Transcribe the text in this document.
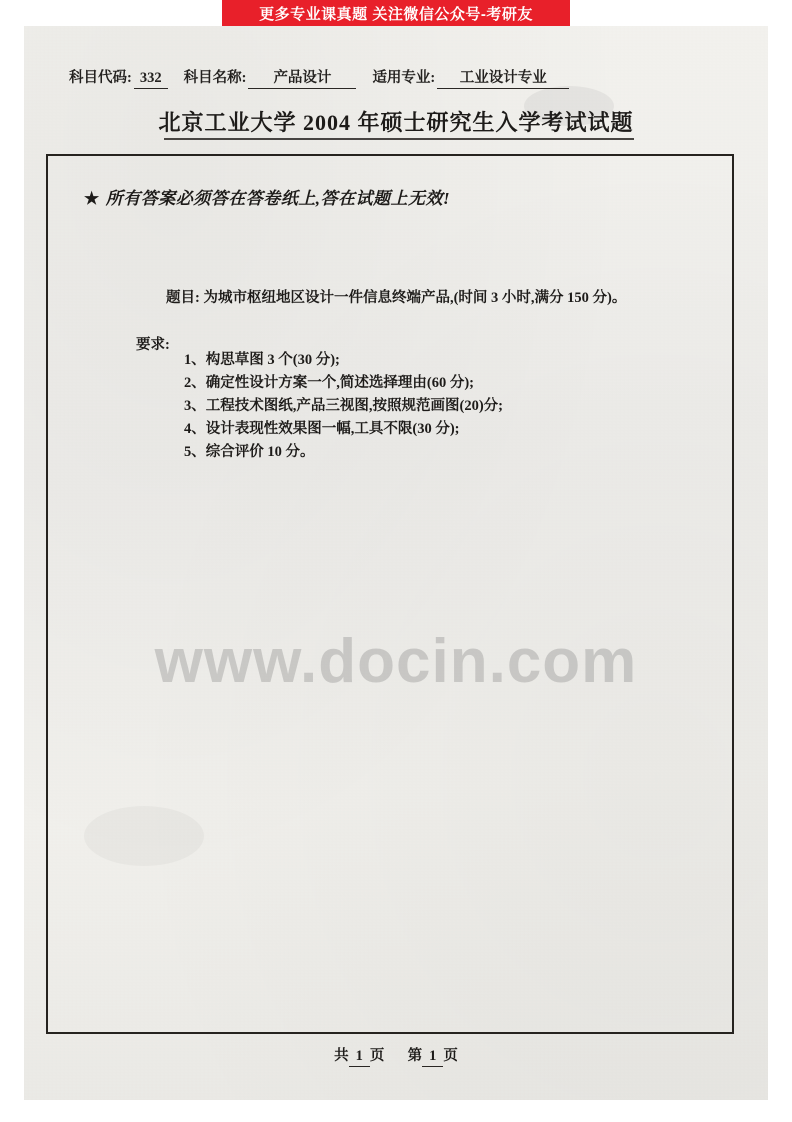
更多专业课真题 关注微信公众号-考研友
科目代码: 332	科目名称:	产品设计	适用专业:	工业设计专业
北京工业大学 2004 年硕士研究生入学考试试题
★ 所有答案必须答在答卷纸上,答在试题上无效!
题目: 为城市枢纽地区设计一件信息终端产品,(时间 3 小时,满分 150 分)。
要求:
1、构思草图 3 个(30 分);
2、确定性设计方案一个,简述选择理由(60 分);
3、工程技术图纸,产品三视图,按照规范画图(20)分;
4、设计表现性效果图一幅,工具不限(30 分);
5、综合评价 10 分。
www.docin.com
共 1 页 第 1 页
